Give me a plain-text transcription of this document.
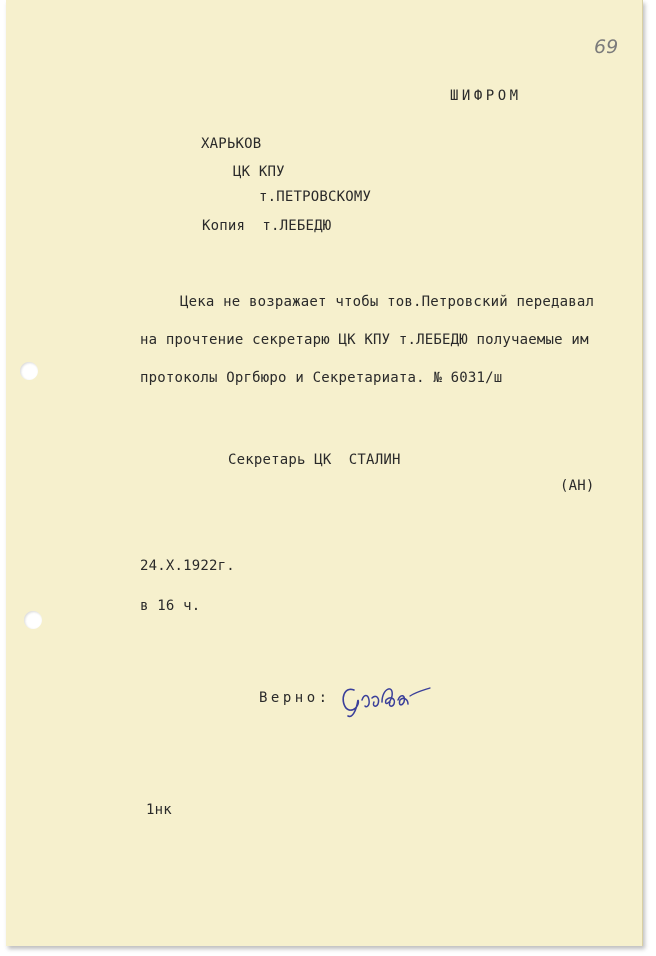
69
ШИФРОМ
ХАРЬКОВ
ЦК КПУ
т.ПЕТРОВСКОМУ
Копия  т.ЛЕБЕДЮ
Цека не возражает чтобы тов.Петровский передавал
на прочтение секретарю ЦК КПУ т.ЛЕБЕДЮ получаемые им
протоколы Оргбюро и Секретариата. № 6031/ш
Секретарь ЦК  СТАЛИН
(АН)
24.X.1922г.
в 16 ч.
Верно:
1нк
